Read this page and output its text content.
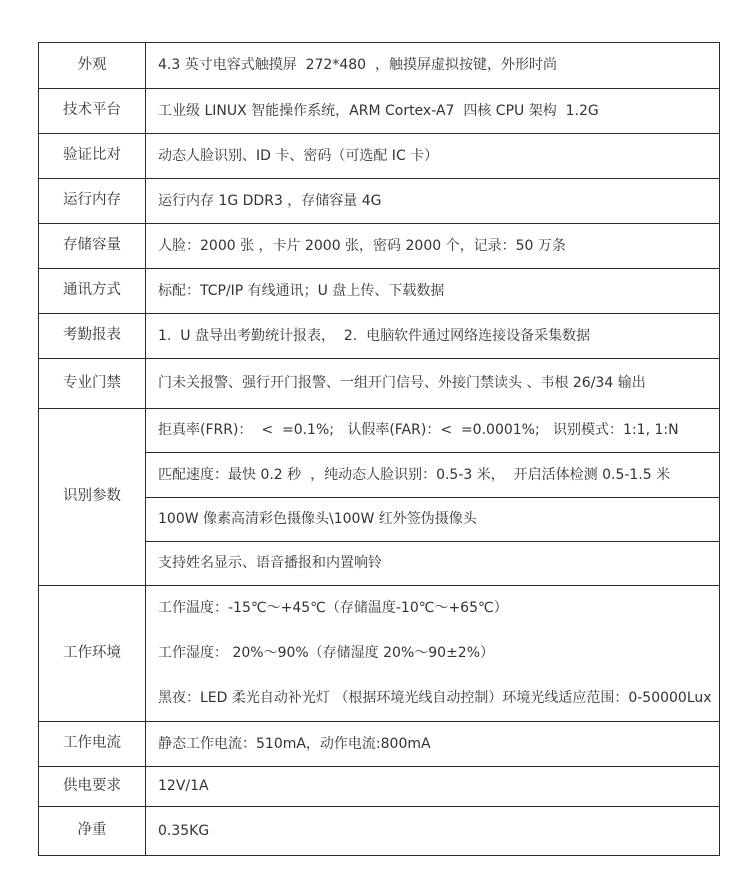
外观	4.3 英寸电容式触摸屏  272*480  ，触摸屏虚拟按键，外形时尚
技术平台	工业级 LINUX 智能操作系统，ARM Cortex-A7  四核 CPU 架构  1.2G
验证比对	动态人脸识别、ID 卡、密码（可选配 IC 卡）
运行内存	运行内存 1G DDR3 ，存储容量 4G
存储容量	人脸：2000 张 ，卡片 2000 张，密码 2000 个，记录：50 万条
通讯方式	标配：TCP/IP 有线通讯；U 盘上传、下载数据
考勤报表	1.  U 盘导出考勤统计报表，  2.  电脑软件通过网络连接设备采集数据
专业门禁	门未关报警、强行开门报警、一组开门信号、外接门禁读头 、韦根 26/34 输出
识别参数	拒真率(FRR)：  <  =0.1%;   认假率(FAR)：<  =0.0001%;   识别模式：1:1, 1:N
	匹配速度：最快 0.2 秒  ，纯动态人脸识别：0.5-3 米，  开启活体检测 0.5-1.5 米
	100W 像素高清彩色摄像头\100W 红外签伪摄像头
	支持姓名显示、语音播报和内置响铃
工作环境	工作温度：-15℃～+45℃（存储温度-10℃～+65℃）
工作湿度： 20%～90%（存储湿度 20%～90±2%）
黑夜：LED 柔光自动补光灯 （根据环境光线自动控制）环境光线适应范围：0-50000Lux

工作电流	静态工作电流：510mA，动作电流:800mA
供电要求	12V/1A
净重	0.35KG
